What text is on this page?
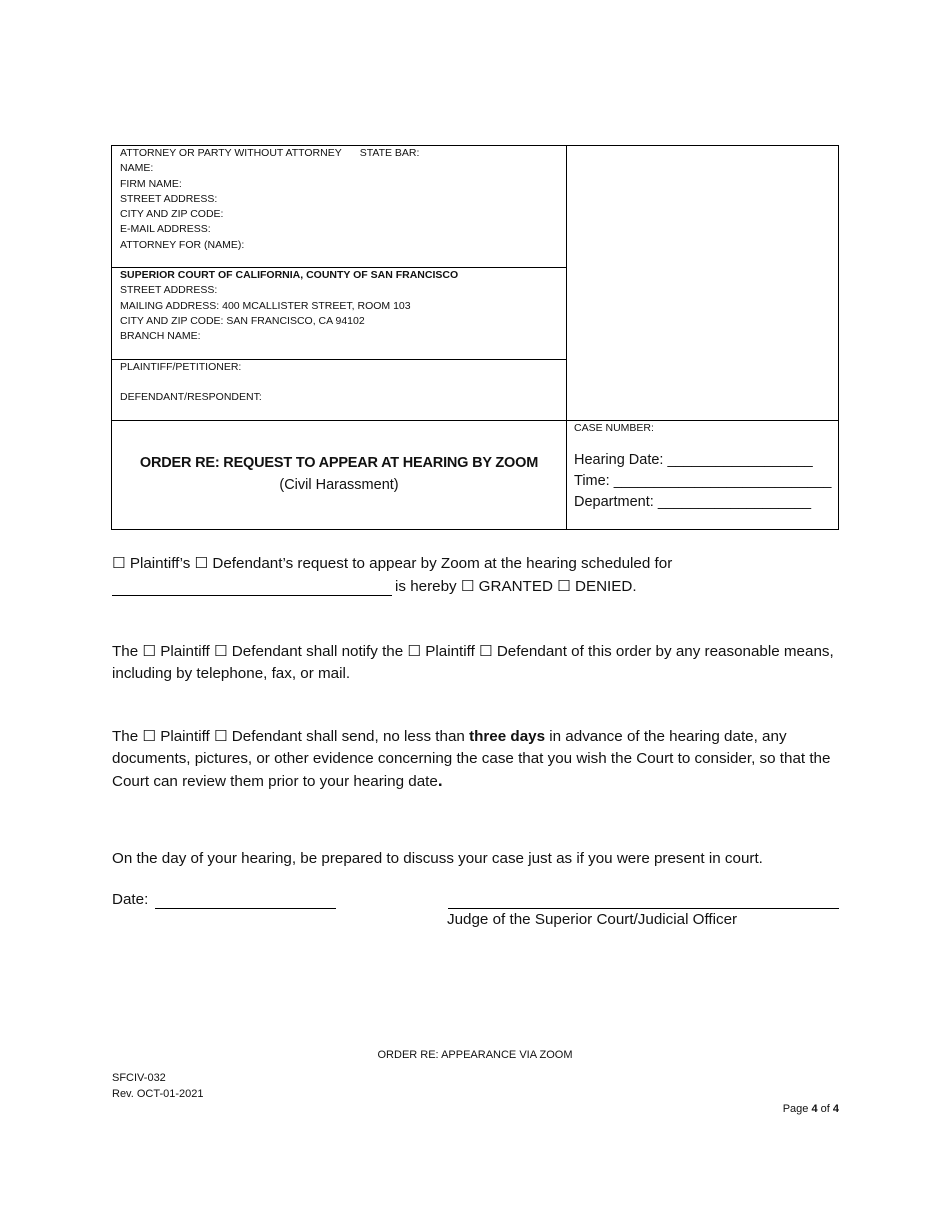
ATTORNEY OR PARTY WITHOUT ATTORNEY STATE BAR:
NAME:
FIRM NAME:
STREET ADDRESS:
CITY AND ZIP CODE:
E-MAIL ADDRESS:
ATTORNEY FOR (NAME):
SUPERIOR COURT OF CALIFORNIA, COUNTY OF SAN FRANCISCO
STREET ADDRESS:
MAILING ADDRESS: 400 MCALLISTER STREET, ROOM 103
CITY AND ZIP CODE: SAN FRANCISCO, CA 94102
BRANCH NAME:
PLAINTIFF/PETITIONER:
DEFENDANT/RESPONDENT:
ORDER RE: REQUEST TO APPEAR AT HEARING BY ZOOM
(Civil Harassment)
CASE NUMBER:
Hearing Date: __________________
Time: ___________________________
Department: ___________________
☐ Plaintiff’s ☐ Defendant’s request to appear by Zoom at the hearing scheduled for
is hereby ☐ GRANTED ☐ DENIED.
The ☐ Plaintiff ☐ Defendant shall notify the ☐ Plaintiff ☐ Defendant of this order by any reasonable means, including by telephone, fax, or mail.
The ☐ Plaintiff ☐ Defendant shall send, no less than three days in advance of the hearing date, any documents, pictures, or other evidence concerning the case that you wish the Court to consider, so that the Court can review them prior to your hearing date.
On the day of your hearing, be prepared to discuss your case just as if you were present in court.
Date:
Judge of the Superior Court/Judicial Officer
ORDER RE: APPEARANCE VIA ZOOM
SFCIV-032
Rev. OCT-01-2021
Page 4 of 4
